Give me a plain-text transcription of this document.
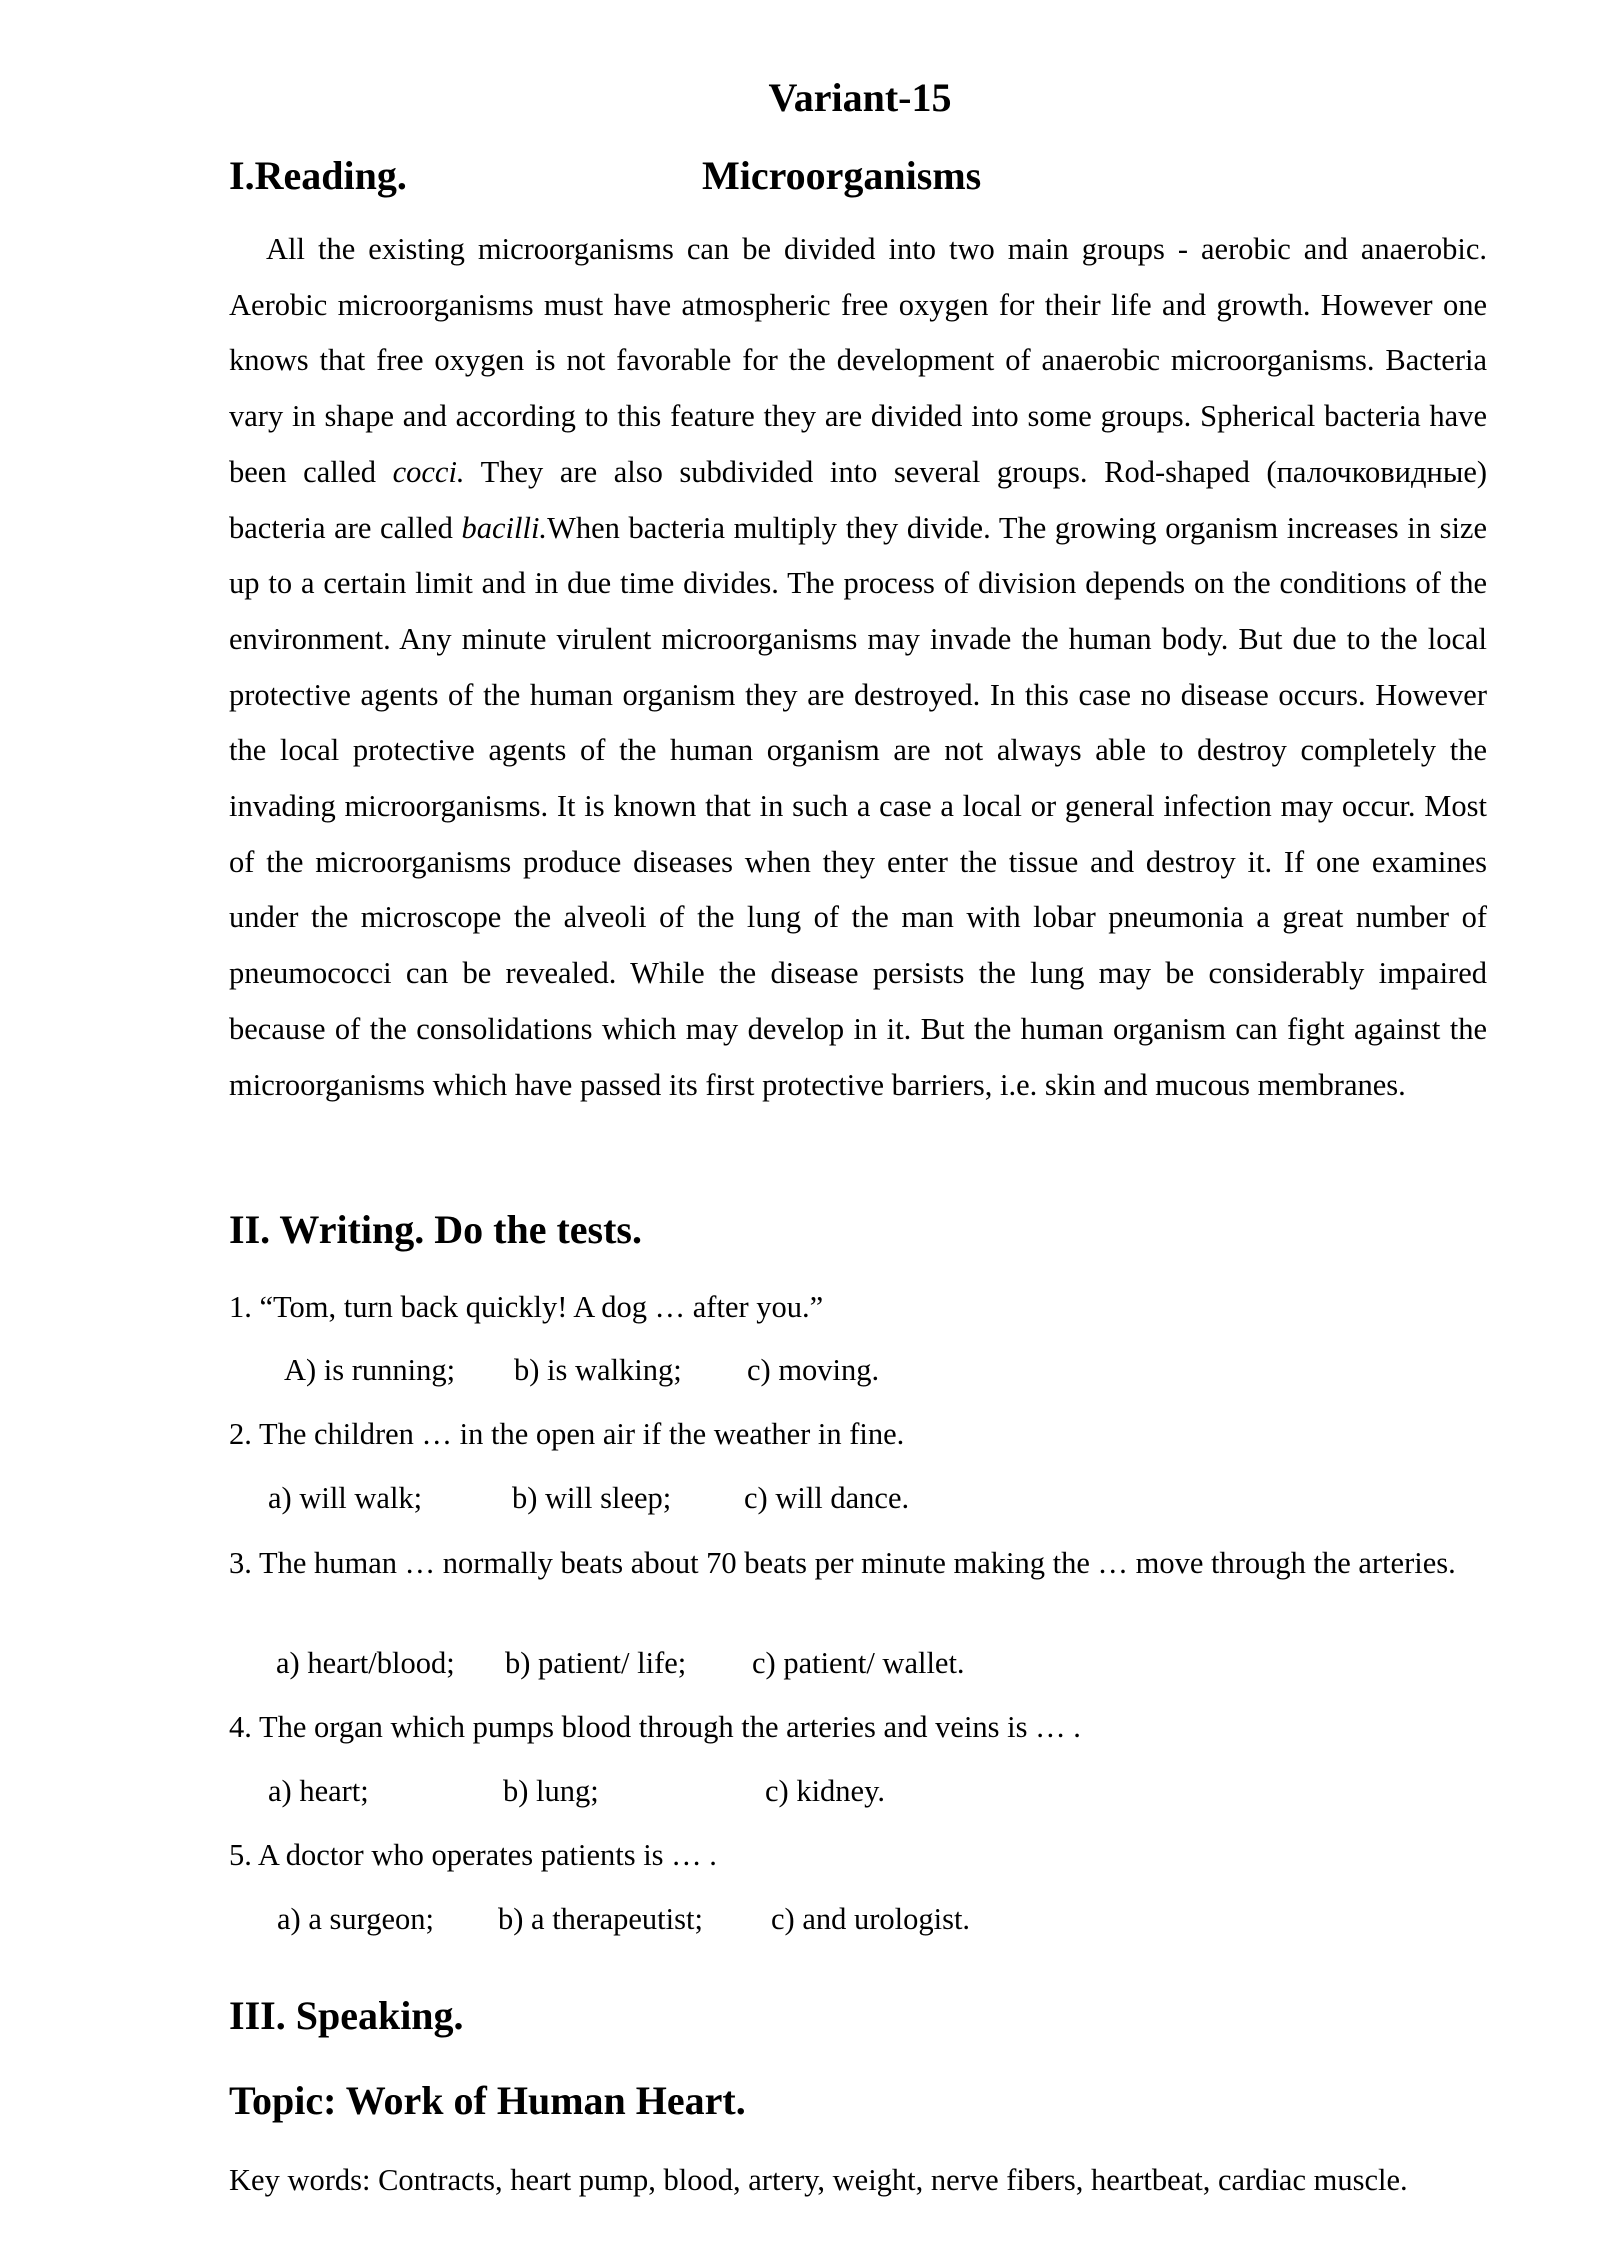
Variant-15
I.Reading.	Microorganisms

All the existing microorganisms can be divided into two main groups - aerobic and anaerobic. Aerobic microorganisms must have atmospheric free oxygen for their life and growth. However one knows that free oxygen is not favorable for the development of anaerobic microorganisms. Bacteria vary in shape and according to this feature they are divided into some groups. Spherical bacteria have been called cocci. They are also subdivided into several groups. Rod-shaped (палочковидные) bacteria are called bacilli.When bacteria multiply they divide. The growing organism increases in size up to a certain limit and in due time divides. The process of division depends on the conditions of the environment. Any minute virulent microorganisms may invade the human body. But due to the local protective agents of the human organism they are destroyed. In this case no disease occurs. However the local protective agents of the human organism are not always able to destroy completely the invading microorganisms. It is known that in such a case a local or general infection may occur. Most of the microorganisms produce diseases when they enter the tissue and destroy it. If one examines under the microscope the alveoli of the lung of the man with lobar pneumonia a great number of pneumococci can be revealed. While the disease persists the lung may be considerably impaired because of the consolidations which may develop in it. But the human organism can fight against the microorganisms which have passed its first protective barriers, i.e. skin and mucous membranes.

II. Writing. Do the tests.

1. “Tom, turn back quickly! A dog … after you.”

A) is running; b) is walking; c) moving.

2. The children … in the open air if the weather in fine.

a) will walk;	b) will sleep; c) will dance.

3. The human … normally beats about 70 beats per minute making the … move through the arteries.

a) heart/blood; b) patient/ life; c) patient/ wallet.

4. The organ which pumps blood through the arteries and veins is … .

a) heart;	b) lung;	c) kidney.

5. A doctor who operates patients is … .

a) a surgeon; b) a therapeutist; c) and urologist.
III. Speaking.
Topic: Work of Human Heart.

Key words: Contracts, heart pump, blood, artery, weight, nerve fibers, heartbeat, cardiac muscle.
